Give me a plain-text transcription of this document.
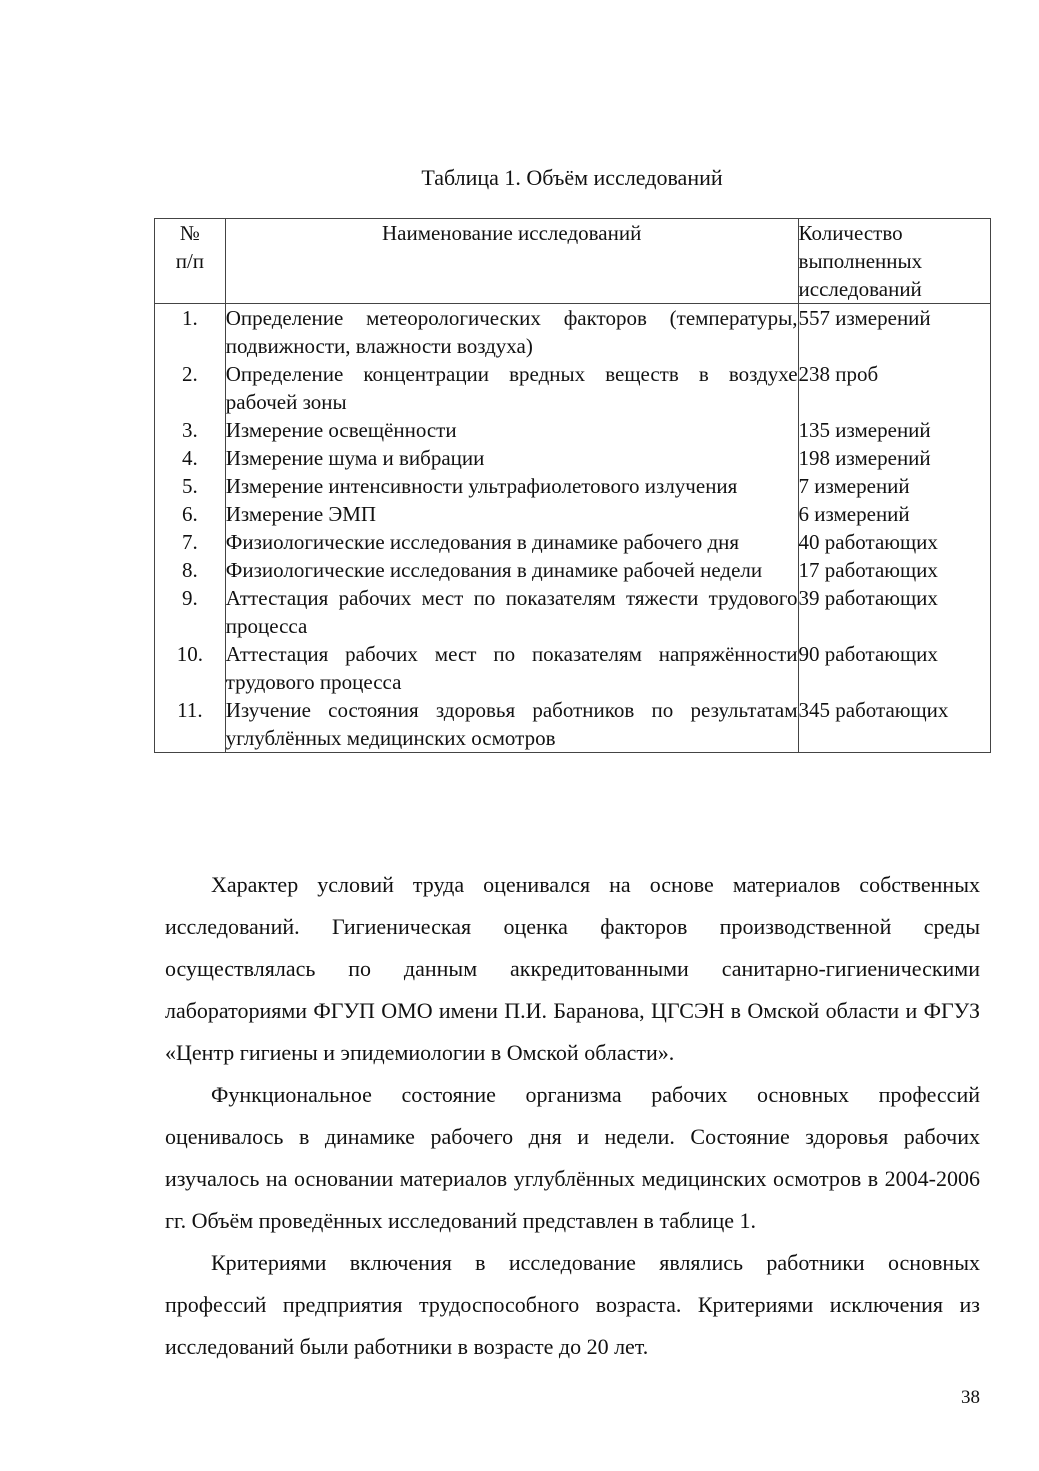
Таблица 1. Объём исследований
№ п/п	Наименование исследований	Количество выполненных исследований
1.	Определение метеорологических факторов (температуры, подвижности, влажности воздуха)	557 измерений
2.	Определение концентрации вредных веществ в воздухе рабочей зоны	238 проб
3.	Измерение освещённости	135 измерений
4.	Измерение шума и вибрации	198 измерений
5.	Измерение интенсивности ультрафиолетового излучения	7 измерений
6.	Измерение ЭМП	6 измерений
7.	Физиологические исследования в динамике рабочего дня	40 работающих
8.	Физиологические исследования в динамике рабочей недели	17 работающих
9.	Аттестация рабочих мест по показателям тяжести трудового процесса	39 работающих
10.	Аттестация рабочих мест по показателям напряжённости трудового процесса	90 работающих
11.	Изучение состояния здоровья работников по результатам углублённых медицинских осмотров	345 работающих

Характер условий труда оценивался на основе материалов собственных исследований. Гигиеническая оценка факторов производственной среды осуществлялась по данным аккредитованными санитарно-гигиеническими лабораториями ФГУП ОМО имени П.И. Баранова, ЦГСЭН в Омской области и ФГУЗ «Центр гигиены и эпидемиологии в Омской области».

Функциональное состояние организма рабочих основных профессий оценивалось в динамике рабочего дня и недели. Состояние здоровья рабочих изучалось на основании материалов углублённых медицинских осмотров в 2004-2006 гг. Объём проведённых исследований представлен в таблице 1.

Критериями включения в исследование являлись работники основных профессий предприятия трудоспособного возраста. Критериями исключения из исследований были работники в возрасте до 20 лет.

38
